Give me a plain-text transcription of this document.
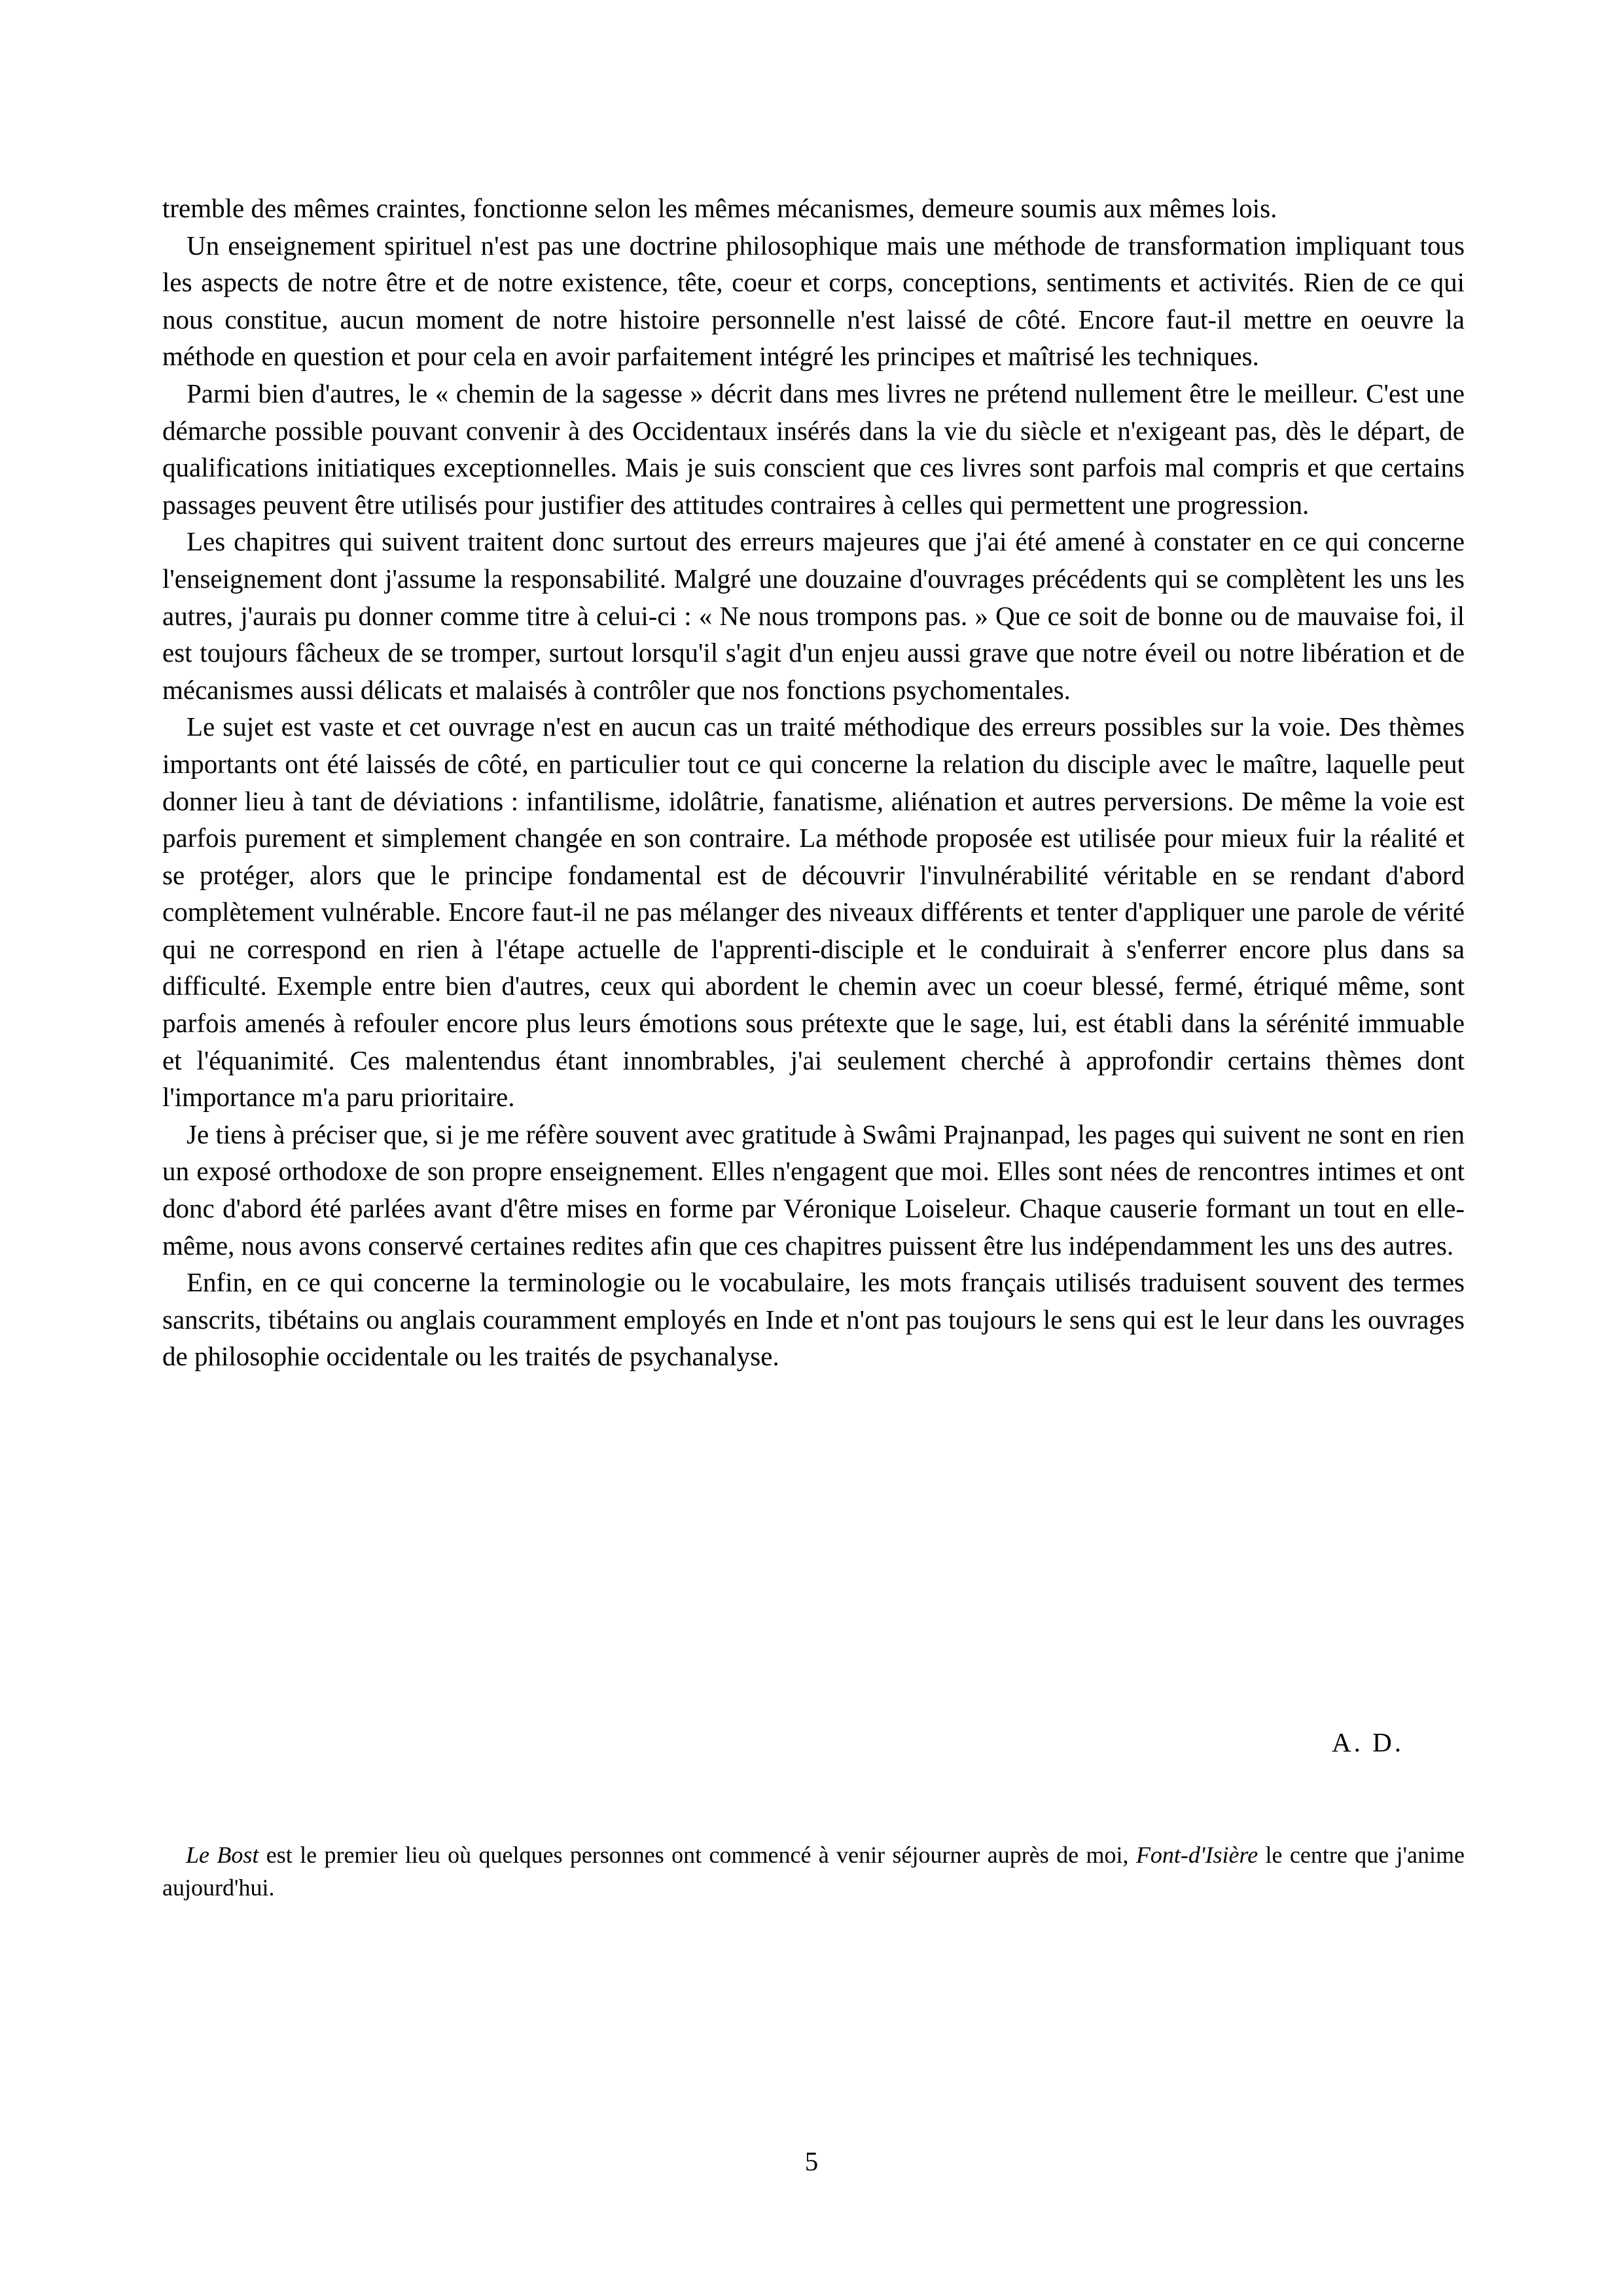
tremble des mêmes craintes, fonctionne selon les mêmes mécanismes, demeure soumis aux mêmes lois.

Un enseignement spirituel n'est pas une doctrine philosophique mais une méthode de transformation impliquant tous les aspects de notre être et de notre existence, tête, coeur et corps, conceptions, sentiments et activités. Rien de ce qui nous constitue, aucun moment de notre histoire personnelle n'est laissé de côté. Encore faut-il mettre en oeuvre la méthode en question et pour cela en avoir parfaitement intégré les principes et maîtrisé les techniques.

Parmi bien d'autres, le « chemin de la sagesse » décrit dans mes livres ne prétend nullement être le meilleur. C'est une démarche possible pouvant convenir à des Occidentaux insérés dans la vie du siècle et n'exigeant pas, dès le départ, de qualifications initiatiques exceptionnelles. Mais je suis conscient que ces livres sont parfois mal compris et que certains passages peuvent être utilisés pour justifier des attitudes contraires à celles qui permettent une progression.

Les chapitres qui suivent traitent donc surtout des erreurs majeures que j'ai été amené à constater en ce qui concerne l'enseignement dont j'assume la responsabilité. Malgré une douzaine d'ouvrages précédents qui se complètent les uns les autres, j'aurais pu donner comme titre à celui-ci : « Ne nous trompons pas. » Que ce soit de bonne ou de mauvaise foi, il est toujours fâcheux de se tromper, surtout lorsqu'il s'agit d'un enjeu aussi grave que notre éveil ou notre libération et de mécanismes aussi délicats et malaisés à contrôler que nos fonctions psychomentales.

Le sujet est vaste et cet ouvrage n'est en aucun cas un traité méthodique des erreurs possibles sur la voie. Des thèmes importants ont été laissés de côté, en particulier tout ce qui concerne la relation du disciple avec le maître, laquelle peut donner lieu à tant de déviations : infantilisme, idolâtrie, fanatisme, aliénation et autres perversions. De même la voie est parfois purement et simplement changée en son contraire. La méthode proposée est utilisée pour mieux fuir la réalité et se protéger, alors que le principe fondamental est de découvrir l'invulnérabilité véritable en se rendant d'abord complètement vulnérable. Encore faut-il ne pas mélanger des niveaux différents et tenter d'appliquer une parole de vérité qui ne correspond en rien à l'étape actuelle de l'apprenti-disciple et le conduirait à s'enferrer encore plus dans sa difficulté. Exemple entre bien d'autres, ceux qui abordent le chemin avec un coeur blessé, fermé, étriqué même, sont parfois amenés à refouler encore plus leurs émotions sous prétexte que le sage, lui, est établi dans la sérénité immuable et l'équanimité. Ces malentendus étant innombrables, j'ai seulement cherché à approfondir certains thèmes dont l'importance m'a paru prioritaire.

Je tiens à préciser que, si je me réfère souvent avec gratitude à Swâmi Prajnanpad, les pages qui suivent ne sont en rien un exposé orthodoxe de son propre enseignement. Elles n'engagent que moi. Elles sont nées de rencontres intimes et ont donc d'abord été parlées avant d'être mises en forme par Véronique Loiseleur. Chaque causerie formant un tout en elle-même, nous avons conservé certaines redites afin que ces chapitres puissent être lus indépendamment les uns des autres.

Enfin, en ce qui concerne la terminologie ou le vocabulaire, les mots français utilisés traduisent souvent des termes sanscrits, tibétains ou anglais couramment employés en Inde et n'ont pas toujours le sens qui est le leur dans les ouvrages de philosophie occidentale ou les traités de psychanalyse.

A. D.
Le Bost est le premier lieu où quelques personnes ont commencé à venir séjourner auprès de moi, Font-d'Isière le centre que j'anime aujourd'hui.
5
